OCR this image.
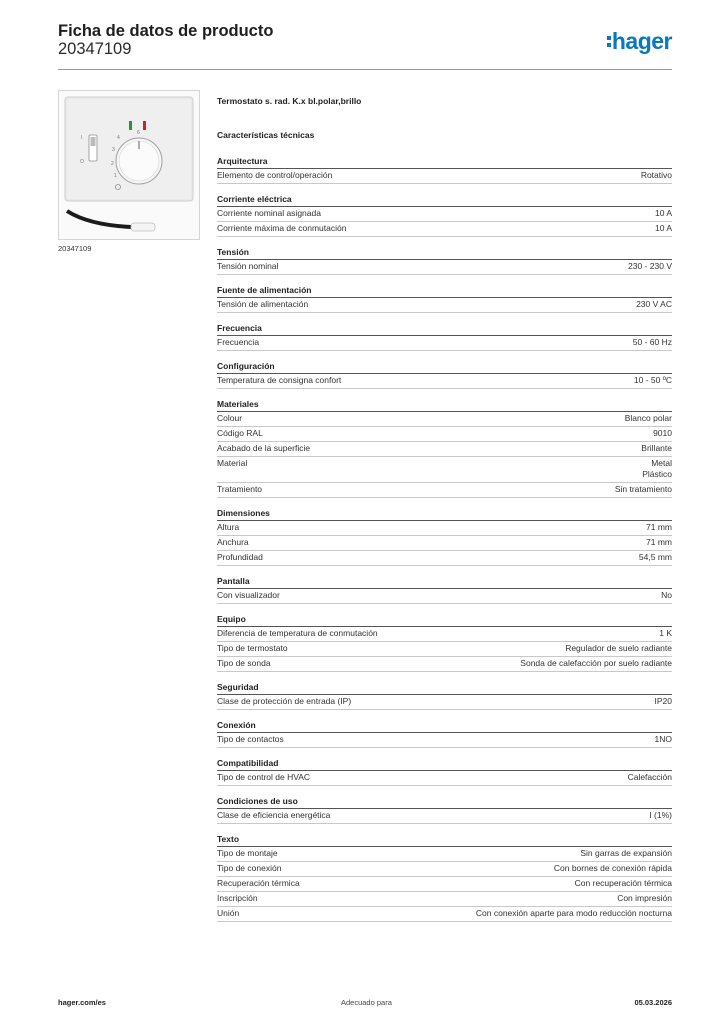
Ficha de datos de producto
20347109	hager
I
O
4
3
2
1
6
20347109
Termostato s. rad. K.x bl.polar,brillo
Características técnicas
Arquitectura
Elemento de control/operación	Rotativo
Corriente eléctrica
Corriente nominal asignada	10 A
Corriente máxima de conmutación	10 A
Tensión
Tensión nominal	230 - 230 V
Fuente de alimentación
Tensión de alimentación	230 V AC
Frecuencia
Frecuencia	50 - 60 Hz
Configuración
Temperatura de consigna confort	10 - 50 ºC
Materiales
Colour	Blanco polar
Código RAL	9010
Acabado de la superficie	Brillante
Material	Metal
Plástico
Tratamiento	Sin tratamiento
Dimensiones
Altura	71 mm
Anchura	71 mm
Profundidad	54,5 mm
Pantalla
Con visualizador	No
Equipo
Diferencia de temperatura de conmutación	1 K
Tipo de termostato	Regulador de suelo radiante
Tipo de sonda	Sonda de calefacción por suelo radiante
Seguridad
Clase de protección de entrada (IP)	IP20
Conexión
Tipo de contactos	1NO
Compatibilidad
Tipo de control de HVAC	Calefacción
Condiciones de uso
Clase de eficiencia energética	I (1%)
Texto
Tipo de montaje	Sin garras de expansión
Tipo de conexión	Con bornes de conexión rápida
Recuperación térmica	Con recuperación térmica
Inscripción	Con impresión
Unión	Con conexión aparte para modo reducción nocturna
hager.com/es	Adecuado para	05.03.2026
